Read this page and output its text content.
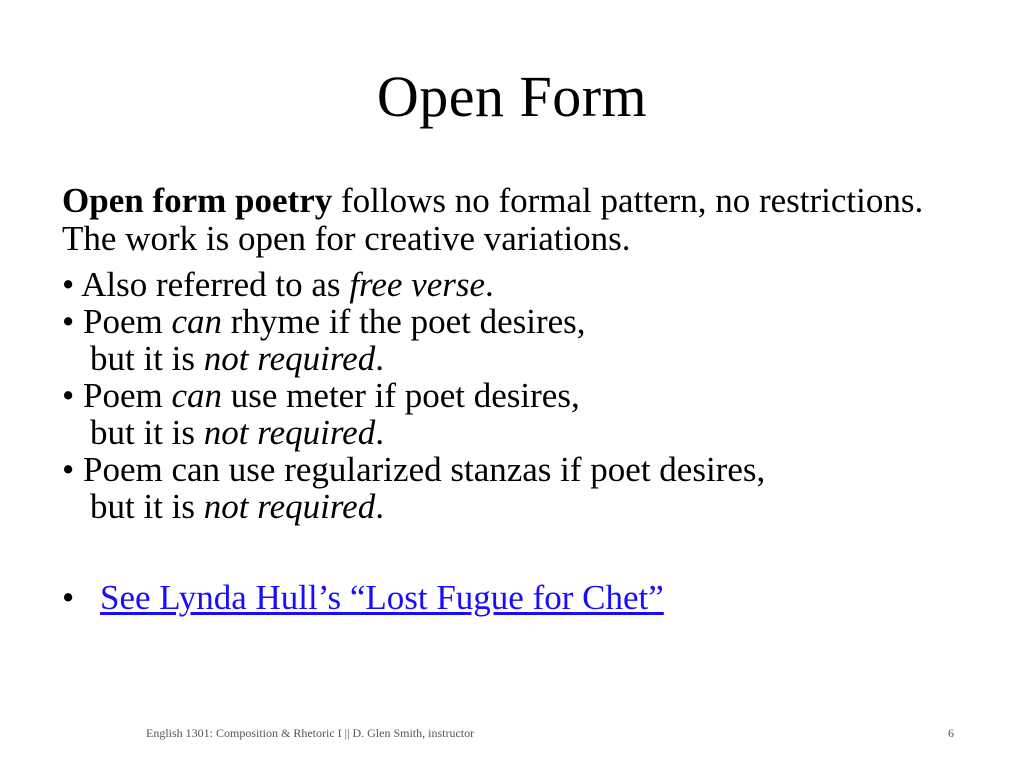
Open Form
Open form poetry follows no formal pattern, no restrictions. The work is open for creative variations.
• Also referred to as free verse.
• Poem can rhyme if the poet desires,
but it is not required.
• Poem can use meter if poet desires,
but it is not required.
• Poem can use regularized stanzas if poet desires,
but it is not required.
• See Lynda Hull’s “Lost Fugue for Chet”
English 1301: Composition & Rhetoric I || D. Glen Smith, instructor	6
